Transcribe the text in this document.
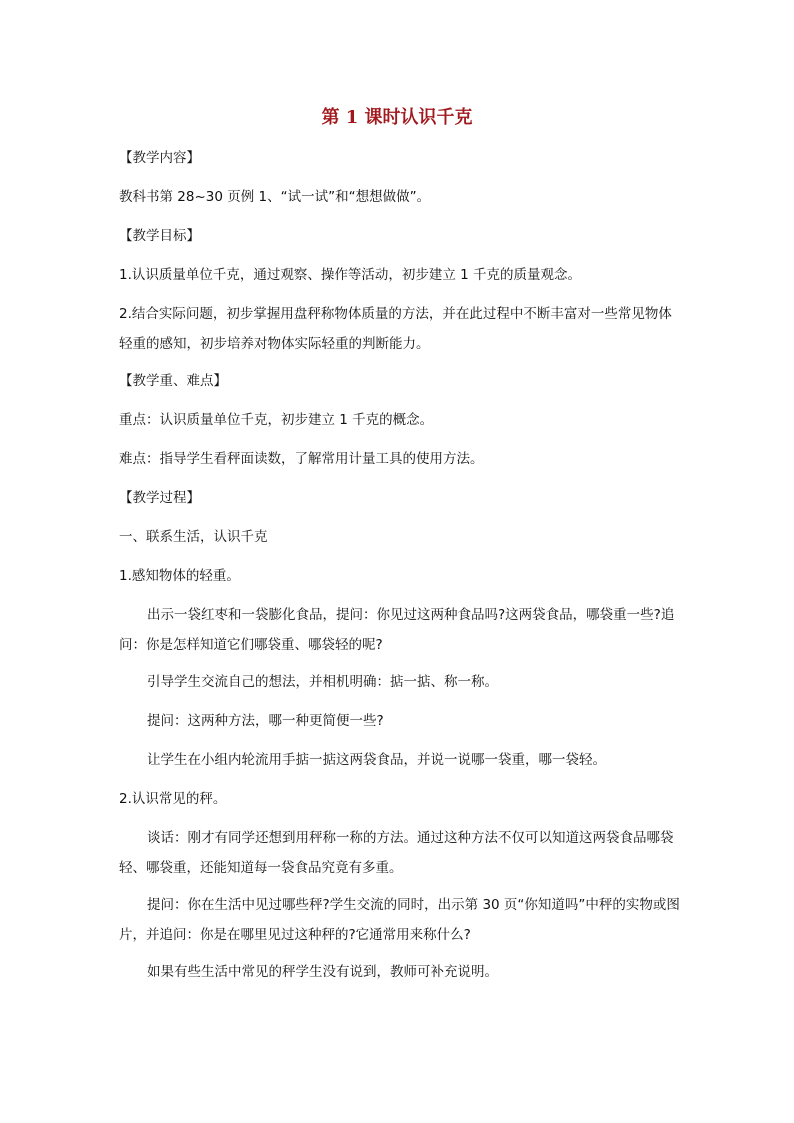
第 1 课时认识千克

【教学内容】

教科书第 28~30 页例 1、“试一试”和“想想做做”。

【教学目标】

1.认识质量单位千克，通过观察、操作等活动，初步建立 1 千克的质量观念。

2.结合实际问题，初步掌握用盘秤称物体质量的方法，并在此过程中不断丰富对一些常见物体轻重的感知，初步培养对物体实际轻重的判断能力。

【教学重、难点】

重点：认识质量单位千克，初步建立 1 千克的概念。

难点：指导学生看秤面读数，了解常用计量工具的使用方法。

【教学过程】

一、联系生活，认识千克

1.感知物体的轻重。

出示一袋红枣和一袋膨化食品，提问：你见过这两种食品吗?这两袋食品，哪袋重一些?追问：你是怎样知道它们哪袋重、哪袋轻的呢?

引导学生交流自己的想法，并相机明确：掂一掂、称一称。

提问：这两种方法，哪一种更简便一些?

让学生在小组内轮流用手掂一掂这两袋食品，并说一说哪一袋重，哪一袋轻。

2.认识常见的秤。

谈话：刚才有同学还想到用秤称一称的方法。通过这种方法不仅可以知道这两袋食品哪袋轻、哪袋重，还能知道每一袋食品究竟有多重。

提问：你在生活中见过哪些秤?学生交流的同时，出示第 30 页“你知道吗”中秤的实物或图片，并追问：你是在哪里见过这种秤的?它通常用来称什么?

如果有些生活中常见的秤学生没有说到，教师可补充说明。
